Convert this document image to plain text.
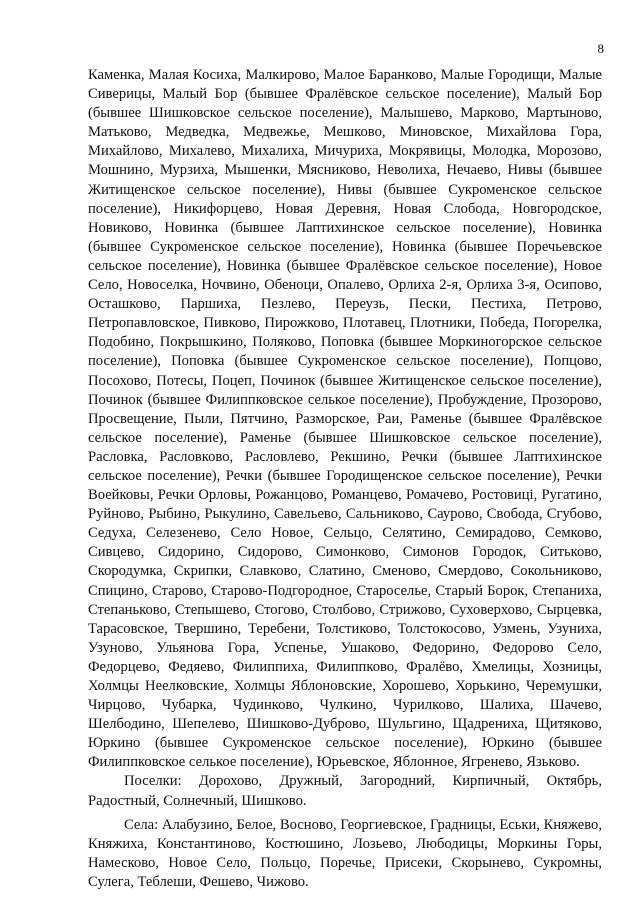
8

Каменка, Малая Косиха, Малкирово, Малое Баранково, Малые Городищи, Малые Сиверицы, Малый Бор (бывшее Фралёвское сельское поселение), Малый Бор (бывшее Шишковское сельское поселение), Малышево, Марково, Мартыново, Матьково, Медведка, Медвежье, Мешково, Миновское, Михайлова Гора, Михайлово, Михалево, Михалиха, Мичуриха, Мокрявицы, Молодка, Морозово, Мошнино, Мурзиха, Мышенки, Мясниково, Неволиха, Нечаево, Нивы (бывшее Житищенское сельское поселение), Нивы (бывшее Сукроменское сельское поселение), Никифорцево, Новая Деревня, Новая Слобода, Новгородское, Новиково, Новинка (бывшее Лаптихинское сельское поселение), Новинка (бывшее Сукроменское сельское поселение), Новинка (бывшее Поречьевское сельское поселение), Новинка (бывшее Фралёвское сельское поселение), Новое Село, Новоселка, Ночвино, Обеноци, Опалево, Орлиха 2-я, Орлиха 3-я, Осипово, Осташково, Паршиха, Пезлево, Переузь, Пески, Пестиха, Петрово, Петропавловское, Пивково, Пирожково, Плотавец, Плотники, Победа, Погорелка, Подобино, Покрышкино, Поляково, Поповка (бывшее Моркиногорское сельское поселение), Поповка (бывшее Сукроменское сельское поселение), Попцово, Посохово, Потесы, Поцеп, Починок (бывшее Житищенское сельское поселение), Починок (бывшее Филиппковское селькое поселение), Пробуждение, Прозорово, Просвещение, Пыли, Пятчино, Разморское, Раи, Раменье (бывшее Фралёвское сельское поселение), Раменье (бывшее Шишковское сельское поселение), Расловка, Расловково, Расловлево, Рекшино, Речки (бывшее Лаптихинское сельское поселение), Речки (бывшее Городищенское сельское поселение), Речки Воейковы, Речки Орловы, Рожанцово, Романцево, Ромачево, Ростовиці, Ругатино, Руйново, Рыбино, Рыкулино, Савельево, Сальниково, Саурово, Свобода, Сгубово, Седуха, Селезенево, Село Новое, Сельцо, Селятино, Семирадово, Семково, Сивцево, Сидорино, Сидорово, Симонково, Симонов Городок, Ситьково, Скородумка, Скрипки, Славково, Слатино, Сменово, Смердово, Сокольниково, Спицино, Старово, Старово-Подгородное, Староселье, Старый Борок, Степаниха, Степаньково, Степышево, Стогово, Столбово, Стрижово, Суховерхово, Сырцевка, Тарасовское, Твершино, Теребени, Толстиково, Толстокосово, Узмень, Узуниха, Узуново, Ульянова Гора, Успенье, Ушаково, Федорино, Федорово Село, Федорцево, Федяево, Филиппиха, Филиппково, Фралёво, Хмелицы, Хозницы, Холмцы Неелковские, Холмцы Яблоновские, Хорошево, Хорькино, Черемушки, Чирцово, Чубарка, Чудинково, Чулкино, Чурилково, Шалиха, Шачево, Шелбодино, Шепелево, Шишково-Дуброво, Шульгино, Щадрениха, Щитяково, Юркино (бывшее Сукроменское сельское поселение), Юркино (бывшее Филиппковское селькое поселение), Юрьевское, Яблонное, Ягренево, Язьково.

Поселки: Дорохово, Дружный, Загородний, Кирпичный, Октябрь, Радостный, Солнечный, Шишково.

Села: Алабузино, Белое, Восново, Георгиевское, Градницы, Еськи, Княжево, Княжиха, Константиново, Костюшино, Лозьево, Любодицы, Моркины Горы, Намесково, Новое Село, Польцо, Поречье, Присеки, Скорынево, Сукромны, Сулега, Теблеши, Фешево, Чижово.
